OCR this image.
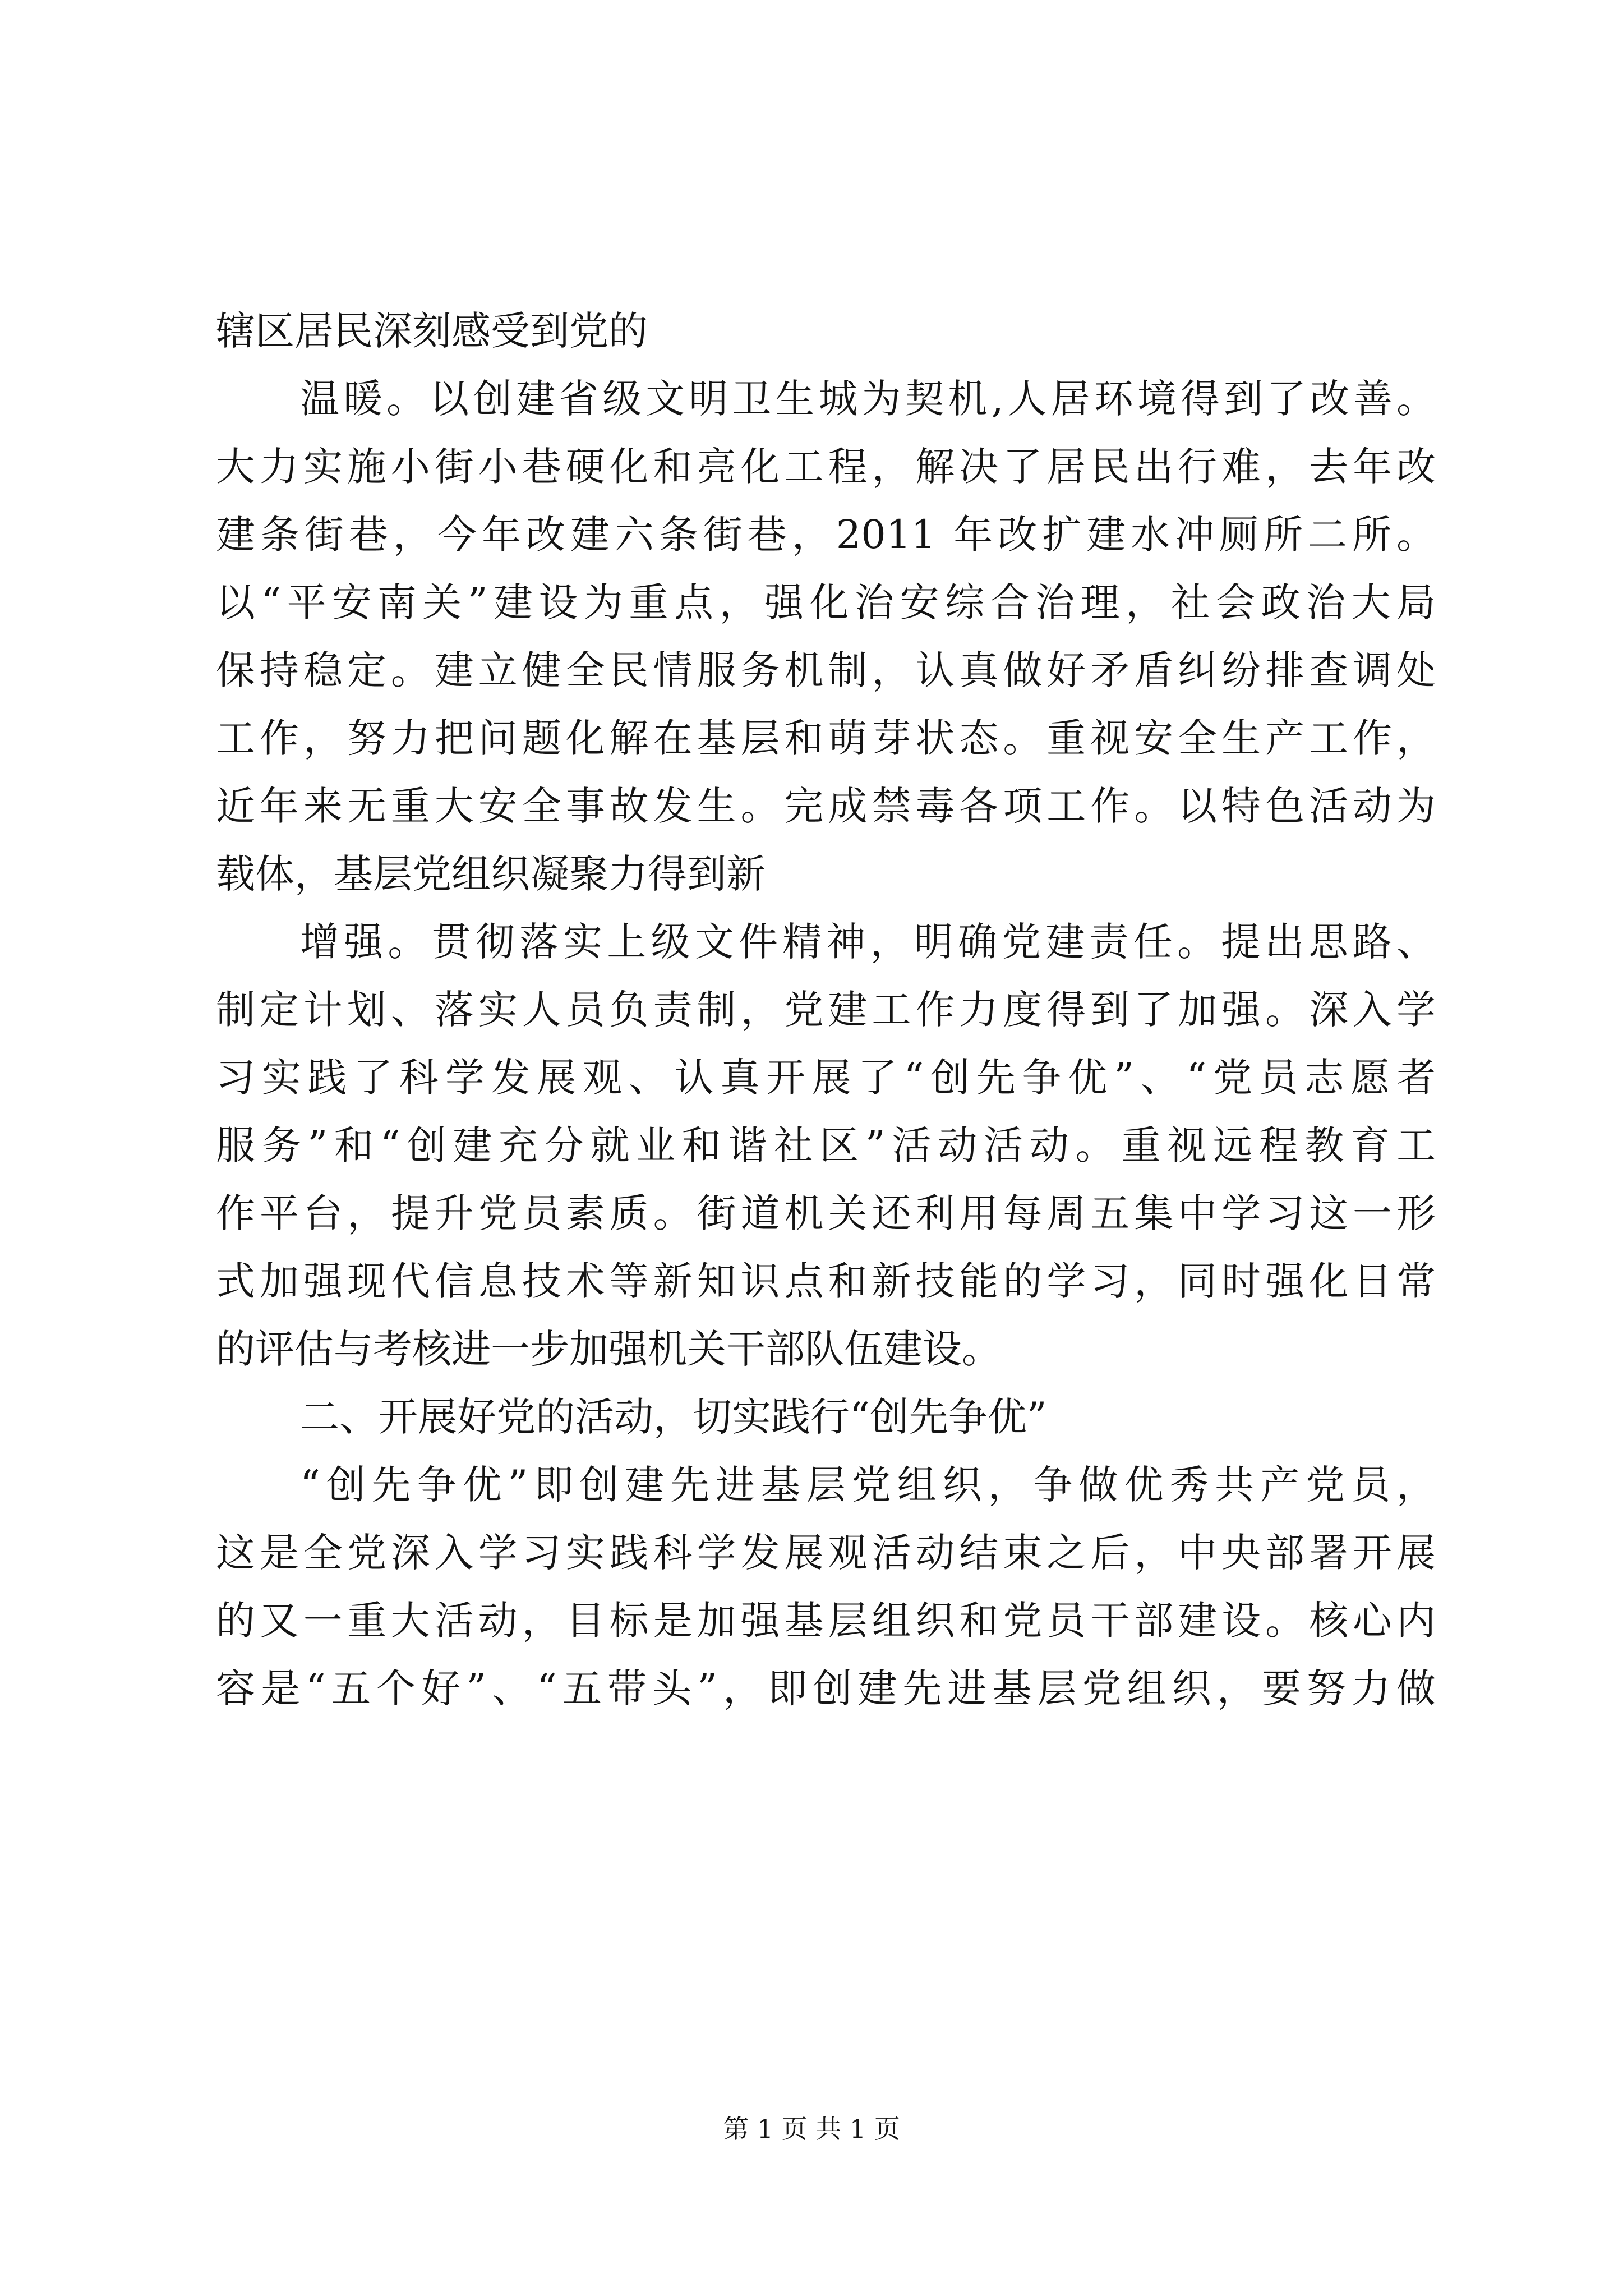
辖区居民深刻感受到党的
温暖。以创建省级文明卫生城为契机,人居环境得到了改善。
大力实施小街小巷硬化和亮化工程，解决了居民出行难，去年改
建条街巷，今年改建六条街巷，2011 年改扩建水冲厕所二所。
以“平安南关”建设为重点，强化治安综合治理，社会政治大局
保持稳定。建立健全民情服务机制，认真做好矛盾纠纷排查调处
工作，努力把问题化解在基层和萌芽状态。重视安全生产工作，
近年来无重大安全事故发生。完成禁毒各项工作。以特色活动为
载体，基层党组织凝聚力得到新
增强。贯彻落实上级文件精神，明确党建责任。提出思路、
制定计划、落实人员负责制，党建工作力度得到了加强。深入学
习实践了科学发展观、认真开展了“创先争优”、“党员志愿者
服务”和“创建充分就业和谐社区”活动活动。重视远程教育工
作平台，提升党员素质。街道机关还利用每周五集中学习这一形
式加强现代信息技术等新知识点和新技能的学习，同时强化日常
的评估与考核进一步加强机关干部队伍建设。
二、开展好党的活动，切实践行“创先争优”
“创先争优”即创建先进基层党组织，争做优秀共产党员，
这是全党深入学习实践科学发展观活动结束之后，中央部署开展
的又一重大活动，目标是加强基层组织和党员干部建设。核心内
容是“五个好”、“五带头”，即创建先进基层党组织，要努力做
第 1 页 共 1 页
